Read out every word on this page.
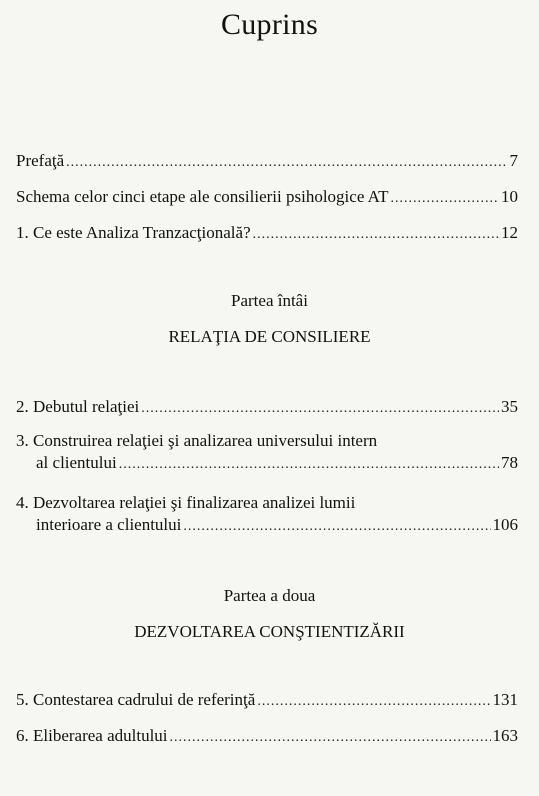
Cuprins
Prefaţă .....	7
Schema celor cinci etape ale consilierii psihologice AT .....	10
1. Ce este Analiza Tranzacţională? .....	12
Partea întâi
RELAŢIA DE CONSILIERE
2. Debutul relaţiei .....	35
3. Construirea relaţiei şi analizarea universului intern
al clientului .....	78
4. Dezvoltarea relaţiei şi finalizarea analizei lumii
interioare a clientului .....	106
Partea a doua
DEZVOLTAREA CONŞTIENTIZĂRII
5. Contestarea cadrului de referinţă .....	131
6. Eliberarea adultului .....	163
